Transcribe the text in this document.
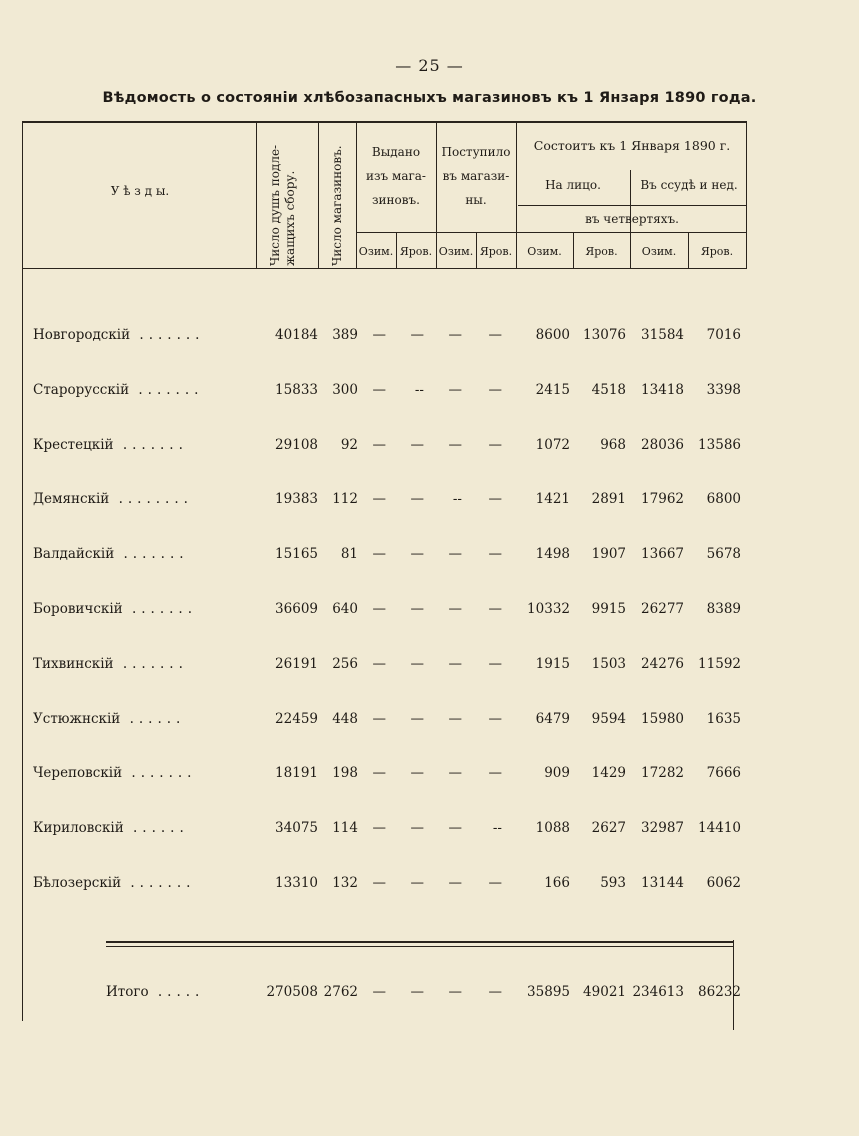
— 25 —
Вѣдомость о состояніи хлѣбозапасныхъ магазиновъ къ 1 Янзаря 1890 года.
У ѣ з д ы.	Число душъ подле- жащихъ сбору.	Число магазиновъ.	Выдано
изъ мага-
зиновъ.
Поступило
въ магази-
ны.
Состоитъ къ 1 Января 1890 г.
На лицо.	Въ ссудѣ и нед.
въ четвертяхъ.
Озим. Яров. Озим. Яров.	Озим.	Яров.	Озим.	Яров.
Новгородскій .......	40184	389	—	—	—	—	8600 13076	31584	7016
Старорусскій .......	15833	300	—	--	—	—	2415	4518	13418	3398
Крестецкій .......	29108	92	—	—	—	—	1072	968	28036	13586
Демянскій ........	19383	112	—	—	--	—	1421	2891	17962	6800
Валдайскій .......	15165	81	—	—	—	—	1498	1907	13667	5678
Боровичскій .......	36609	640	—	—	—	—	10332	9915	26277	8389
Тихвинскій .......	26191	256	—	—	—	—	1915	1503	24276	11592
Устюжнскій ......	22459	448	—	—	—	—	6479	9594	15980	1635
Череповскій .......	18191	198	—	—	—	—	909	1429	17282	7666
Кириловскій ......	34075	114	—	—	—	--	1088	2627	32987	14410
Бѣлозерскій .......	13310	132	—	—	—	—	166	593	13144	6062
Итого .....	270508 2762	—	—	—	—	35895 49021 234613	86232
